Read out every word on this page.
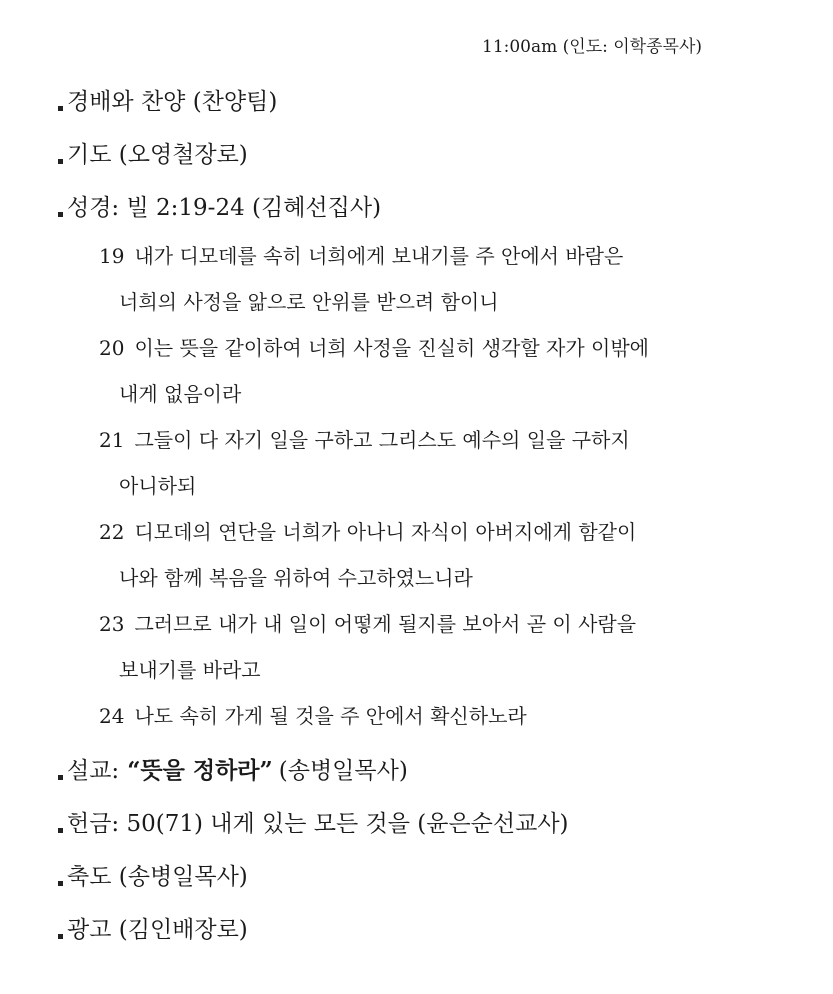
11:00am (인도: 이학종목사)
경배와 찬양 (찬양팀)
기도 (오영철장로)
성경: 빌 2:19-24 (김혜선집사)
19 내가 디모데를 속히 너희에게 보내기를 주 안에서 바람은
너희의 사정을 앎으로 안위를 받으려 함이니
20 이는 뜻을 같이하여 너희 사정을 진실히 생각할 자가 이밖에
내게 없음이라
21 그들이 다 자기 일을 구하고 그리스도 예수의 일을 구하지
아니하되
22 디모데의 연단을 너희가 아나니 자식이 아버지에게 함같이
나와 함께 복음을 위하여 수고하였느니라
23 그러므로 내가 내 일이 어떻게 될지를 보아서 곧 이 사람을
보내기를 바라고
24 나도 속히 가게 될 것을 주 안에서 확신하노라
설교: “뜻을 정하라” (송병일목사)
헌금: 50(71) 내게 있는 모든 것을 (윤은순선교사)
축도 (송병일목사)
광고 (김인배장로)
